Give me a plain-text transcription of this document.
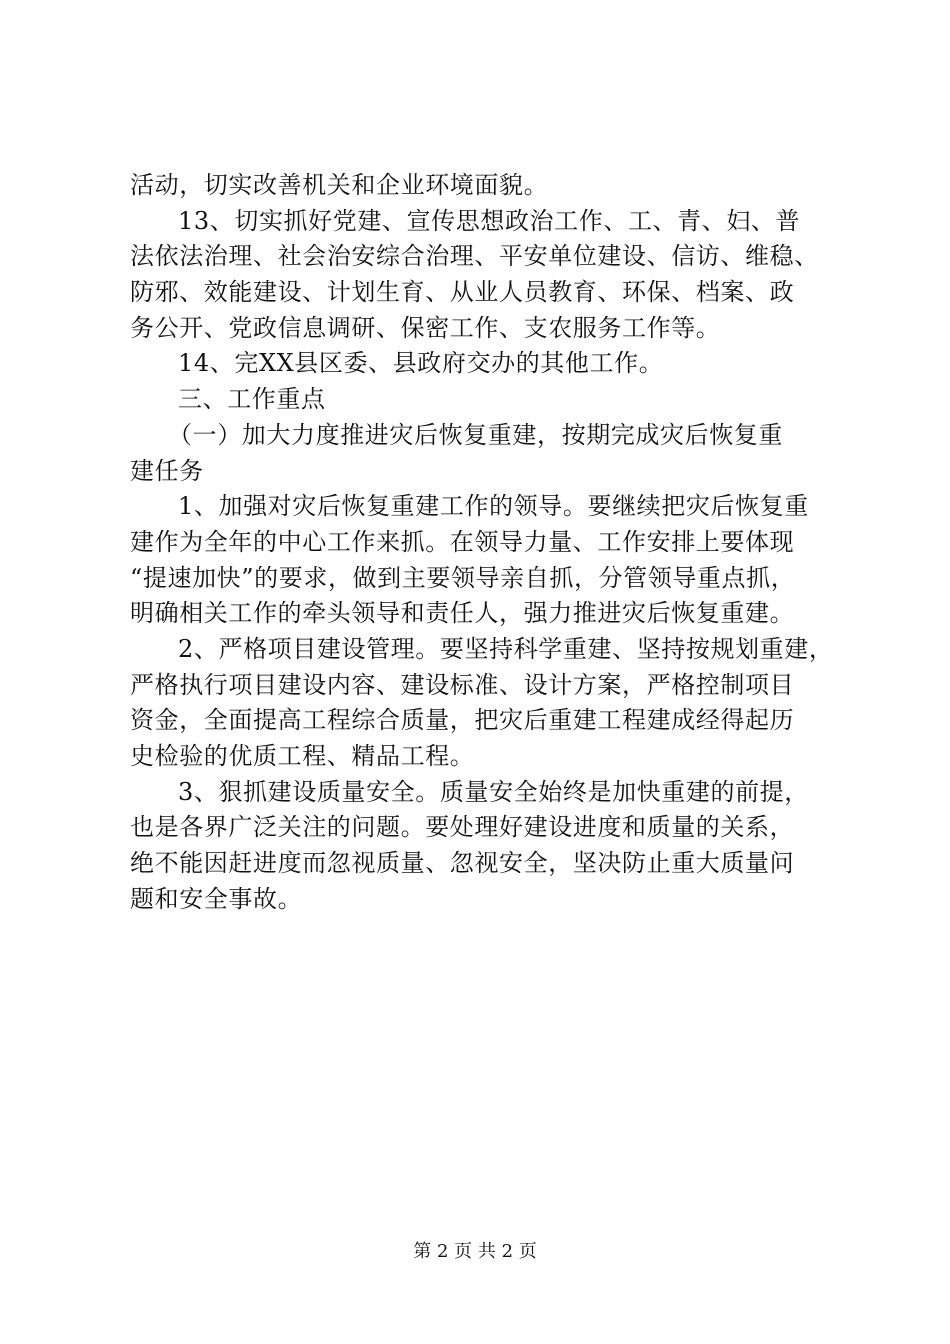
活动，切实改善机关和企业环境面貌。
13、切实抓好党建、宣传思想政治工作、工、青、妇、普
法依法治理、社会治安综合治理、平安单位建设、信访、维稳、
防邪、效能建设、计划生育、从业人员教育、环保、档案、政
务公开、党政信息调研、保密工作、支农服务工作等。
14、完XX县区委、县政府交办的其他工作。
三、工作重点
（一）加大力度推进灾后恢复重建，按期完成灾后恢复重
建任务
1、加强对灾后恢复重建工作的领导。要继续把灾后恢复重
建作为全年的中心工作来抓。在领导力量、工作安排上要体现
“提速加快”的要求，做到主要领导亲自抓，分管领导重点抓，
明确相关工作的牵头领导和责任人，强力推进灾后恢复重建。
2、严格项目建设管理。要坚持科学重建、坚持按规划重建，
严格执行项目建设内容、建设标准、设计方案，严格控制项目
资金，全面提高工程综合质量，把灾后重建工程建成经得起历
史检验的优质工程、精品工程。
3、狠抓建设质量安全。质量安全始终是加快重建的前提，
也是各界广泛关注的问题。要处理好建设进度和质量的关系，
绝不能因赶进度而忽视质量、忽视安全，坚决防止重大质量问
题和安全事故。
第 2 页 共 2 页
